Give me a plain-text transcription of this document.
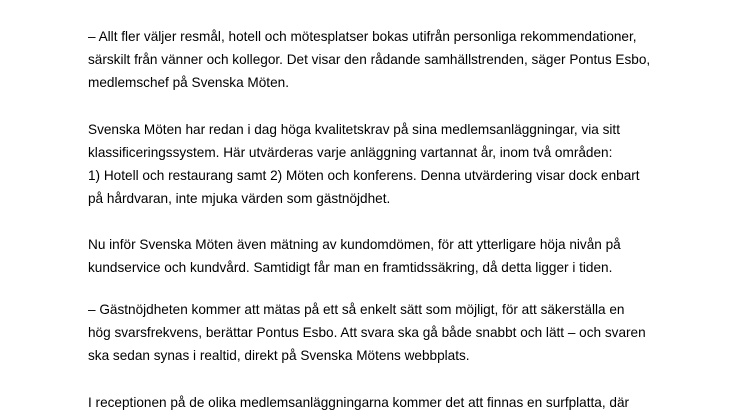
– Allt fler väljer resmål, hotell och mötesplatser bokas utifrån personliga rekommendationer,
särskilt från vänner och kollegor. Det visar den rådande samhällstrenden, säger Pontus Esbo,
medlemschef på Svenska Möten.
Svenska Möten har redan i dag höga kvalitetskrav på sina medlemsanläggningar, via sitt
klassificeringssystem. Här utvärderas varje anläggning vartannat år, inom två områden:
1) Hotell och restaurang samt 2) Möten och konferens. Denna utvärdering visar dock enbart
på hårdvaran, inte mjuka värden som gästnöjdhet.
Nu inför Svenska Möten även mätning av kundomdömen, för att ytterligare höja nivån på
kundservice och kundvård. Samtidigt får man en framtidssäkring, då detta ligger i tiden.
– Gästnöjdheten kommer att mätas på ett så enkelt sätt som möjligt, för att säkerställa en
hög svarsfrekvens, berättar Pontus Esbo. Att svara ska gå både snabbt och lätt – och svaren
ska sedan synas i realtid, direkt på Svenska Mötens webbplats.
I receptionen på de olika medlemsanläggningarna kommer det att finnas en surfplatta, där
